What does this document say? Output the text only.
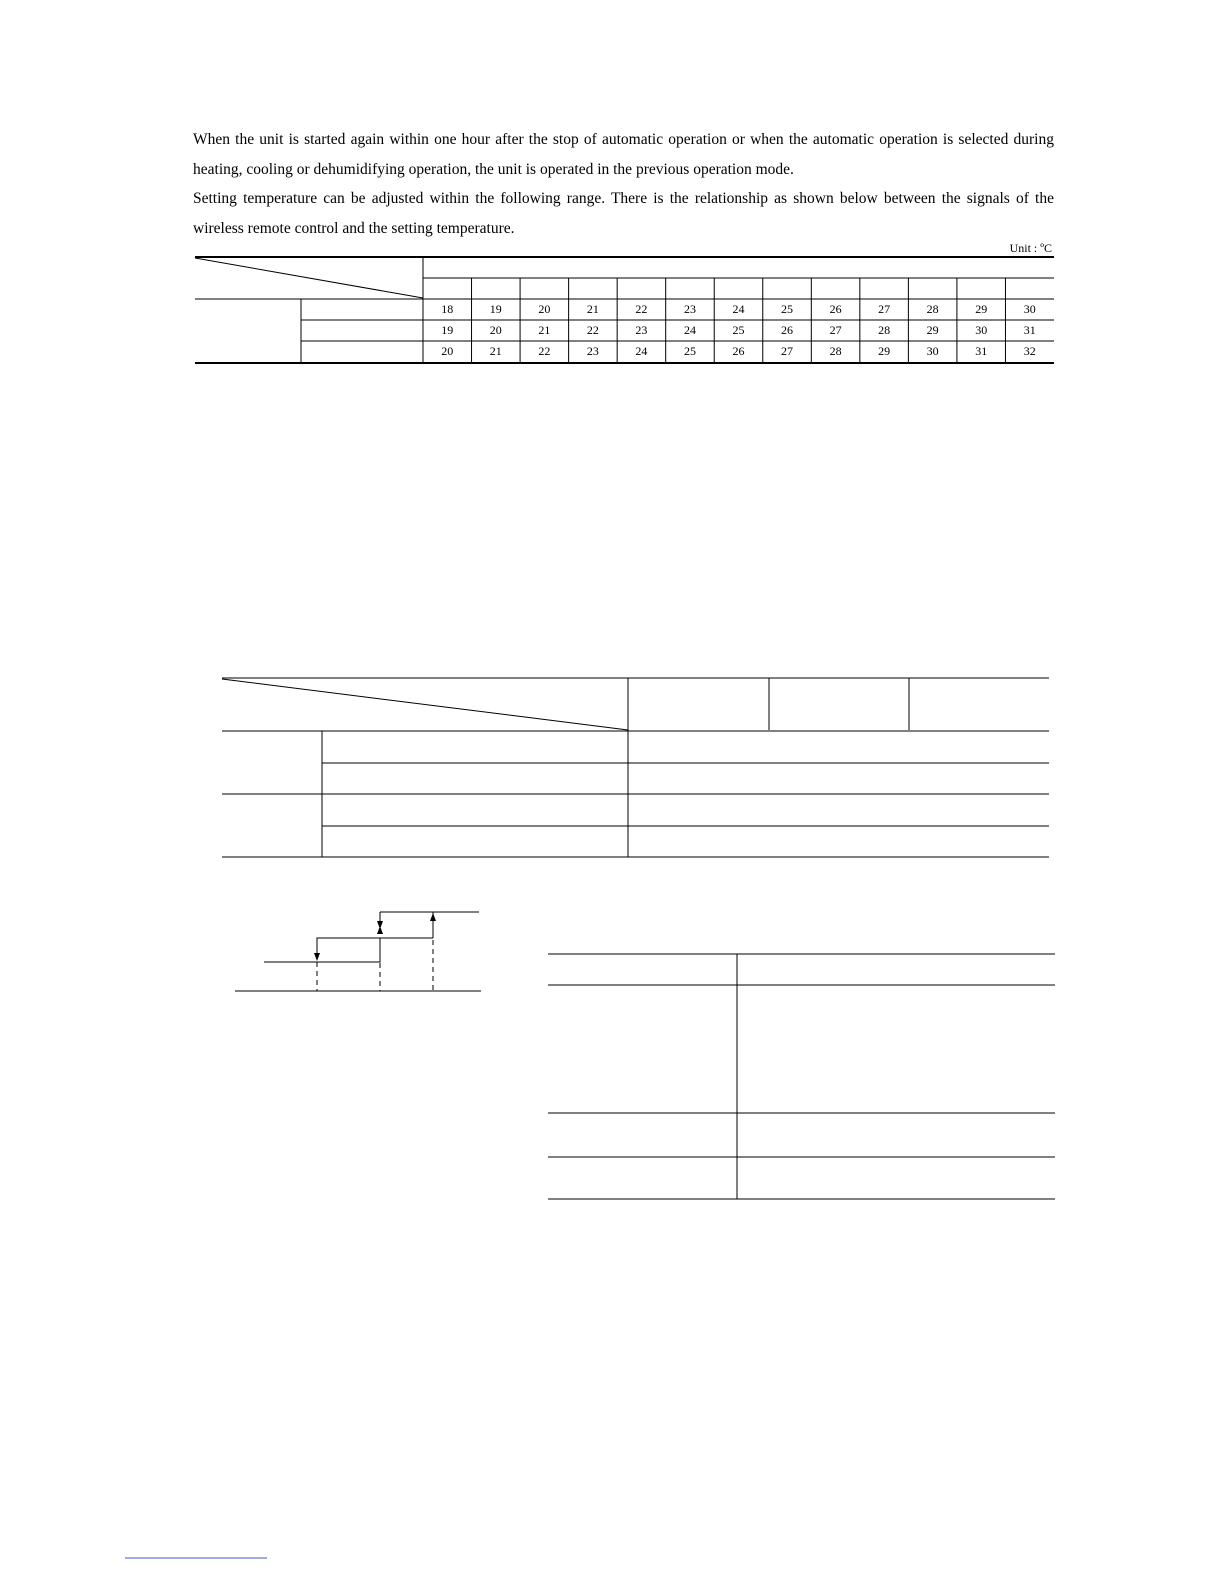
When the unit is started again within one hour after the stop of automatic operation or when the automatic operation is selected during heating, cooling or dehumidifying operation, the unit is operated in the previous operation mode.

Setting temperature can be adjusted within the following range. There is the relationship as shown below between the signals of the wireless remote control and the setting temperature.

Unit : ºC
18	19	20	21	22	23	24	25	26	27	28	29	30
19	20	21	22	23	24	25	26	27	28	29	30	31
20	21	22	23	24	25	26	27	28	29	30	31	32
